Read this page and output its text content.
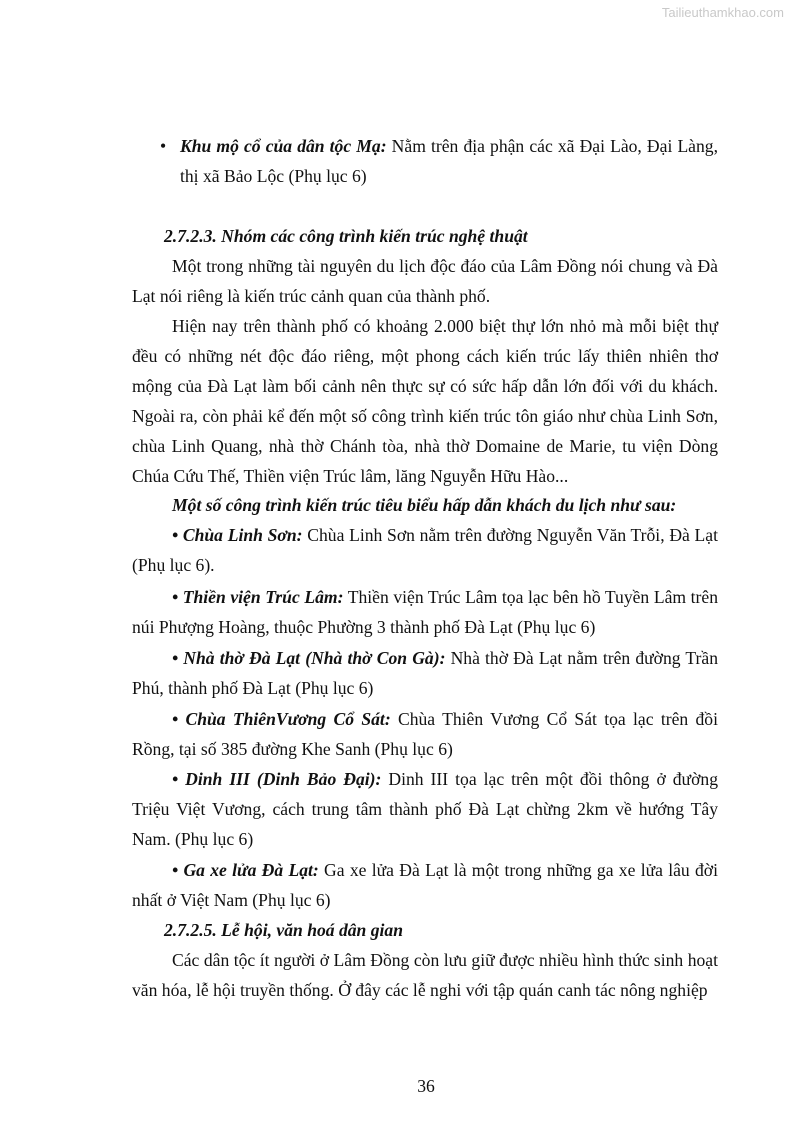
Tailieuthamkhao.com
• Khu mộ cổ của dân tộc Mạ: Nằm trên địa phận các xã Đại Lào, Đại Làng, thị xã Bảo Lộc (Phụ lục 6)
2.7.2.3. Nhóm các công trình kiến trúc nghệ thuật
Một trong những tài nguyên du lịch độc đáo của Lâm Đồng nói chung và Đà Lạt nói riêng là kiến trúc cảnh quan của thành phố.
Hiện nay trên thành phố có khoảng 2.000 biệt thự lớn nhỏ mà mỗi biệt thự đều có những nét độc đáo riêng, một phong cách kiến trúc lấy thiên nhiên thơ mộng của Đà Lạt làm bối cảnh nên thực sự có sức hấp dẫn lớn đối với du khách. Ngoài ra, còn phải kể đến một số công trình kiến trúc tôn giáo như chùa Linh Sơn, chùa Linh Quang, nhà thờ Chánh tòa, nhà thờ Domaine de Marie, tu viện Dòng Chúa Cứu Thế, Thiền viện Trúc lâm, lăng Nguyễn Hữu Hào...
Một số công trình kiến trúc tiêu biểu hấp dẫn khách du lịch như sau:
• Chùa Linh Sơn: Chùa Linh Sơn nằm trên đường Nguyễn Văn Trỗi, Đà Lạt (Phụ lục 6).
• Thiền viện Trúc Lâm: Thiền viện Trúc Lâm tọa lạc bên hồ Tuyền Lâm trên núi Phượng Hoàng, thuộc Phường 3 thành phố Đà Lạt (Phụ lục 6)
• Nhà thờ Đà Lạt (Nhà thờ Con Gà): Nhà thờ Đà Lạt nằm trên đường Trần Phú, thành phố Đà Lạt (Phụ lục 6)
• Chùa ThiênVương Cổ Sát: Chùa Thiên Vương Cổ Sát tọa lạc trên đồi Rồng, tại số 385 đường Khe Sanh (Phụ lục 6)
• Dinh III (Dinh Bảo Đại): Dinh III tọa lạc trên một đồi thông ở đường Triệu Việt Vương, cách trung tâm thành phố Đà Lạt chừng 2km về hướng Tây Nam. (Phụ lục 6)
• Ga xe lửa Đà Lạt: Ga xe lửa Đà Lạt là một trong những ga xe lửa lâu đời nhất ở Việt Nam (Phụ lục 6)
2.7.2.5. Lễ hội, văn hoá dân gian
Các dân tộc ít người ở Lâm Đồng còn lưu giữ được nhiều hình thức sinh hoạt văn hóa, lễ hội truyền thống. Ở đây các lễ nghi với tập quán canh tác nông nghiệp
36
